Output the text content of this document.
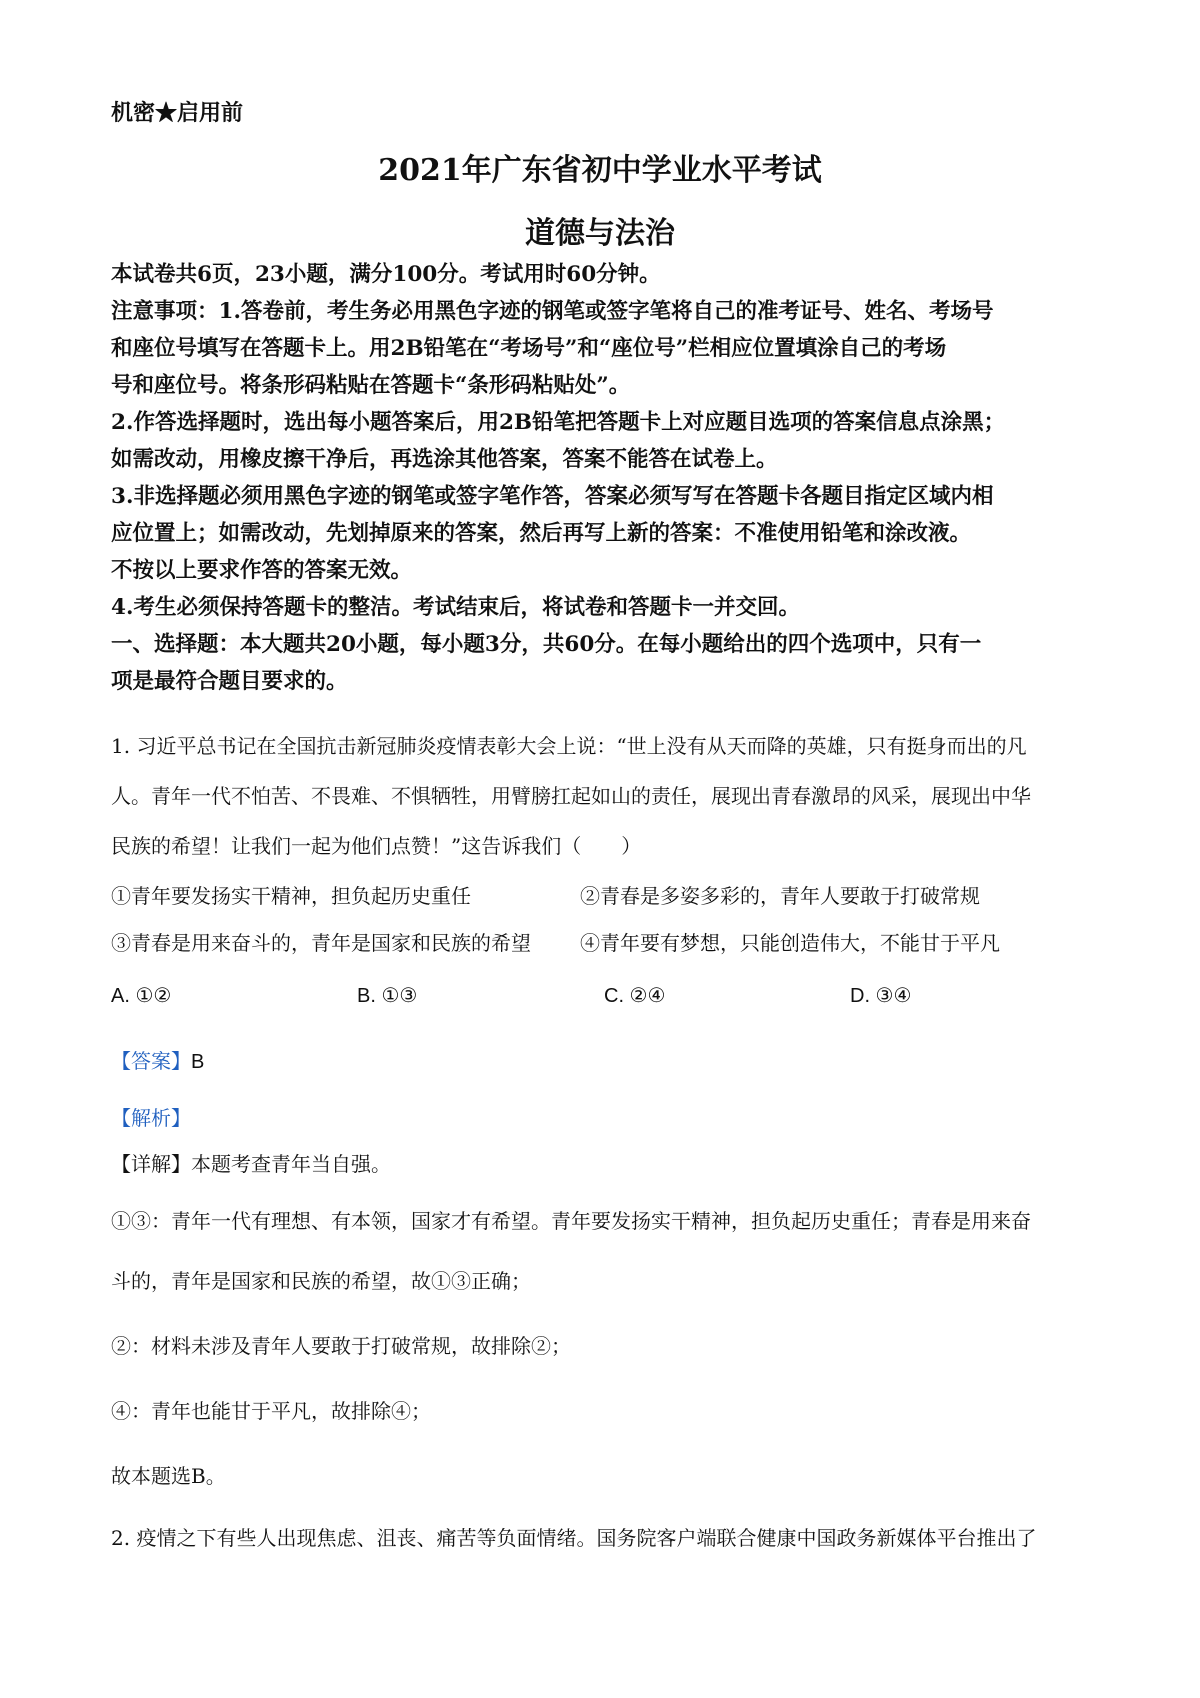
机密★启用前
2021年广东省初中学业水平考试
道德与法治

本试卷共6页，23小题，满分100分。考试用时60分钟。

注意事项：1.答卷前，考生务必用黑色字迹的钢笔或签字笔将自己的准考证号、姓名、考场号

和座位号填写在答题卡上。用2B铅笔在“考场号”和“座位号”栏相应位置填涂自己的考场

号和座位号。将条形码粘贴在答题卡“条形码粘贴处”。

2.作答选择题时，选出每小题答案后，用2B铅笔把答题卡上对应题目选项的答案信息点涂黑；

如需改动，用橡皮擦干净后，再选涂其他答案，答案不能答在试卷上。

3.非选择题必须用黑色字迹的钢笔或签字笔作答，答案必须写写在答题卡各题目指定区域内相

应位置上；如需改动，先划掉原来的答案，然后再写上新的答案：不准使用铅笔和涂改液。

不按以上要求作答的答案无效。

4.考生必须保持答题卡的整洁。考试结束后，将试卷和答题卡一并交回。

一、选择题：本大题共20小题，每小题3分，共60分。在每小题给出的四个选项中，只有一

项是最符合题目要求的。

1. 习近平总书记在全国抗击新冠肺炎疫情表彰大会上说：“世上没有从天而降的英雄，只有挺身而出的凡
人。青年一代不怕苦、不畏难、不惧牺牲，用臂膀扛起如山的责任，展现出青春激昂的风采，展现出中华
民族的希望！让我们一起为他们点赞！”这告诉我们（　　）
①青年要发扬实干精神，担负起历史重任	②青春是多姿多彩的，青年人要敢于打破常规
③青春是用来奋斗的，青年是国家和民族的希望 ④青年要有梦想，只能创造伟大，不能甘于平凡
A. ①②	B. ①③	C. ②④	D. ③④
【答案】B
【解析】
【详解】本题考查青年当自强。
①③：青年一代有理想、有本领，国家才有希望。青年要发扬实干精神，担负起历史重任；青春是用来奋
斗的，青年是国家和民族的希望，故①③正确；
②：材料未涉及青年人要敢于打破常规，故排除②；
④：青年也能甘于平凡，故排除④；
故本题选B。
2. 疫情之下有些人出现焦虑、沮丧、痛苦等负面情绪。国务院客户端联合健康中国政务新媒体平台推出了
